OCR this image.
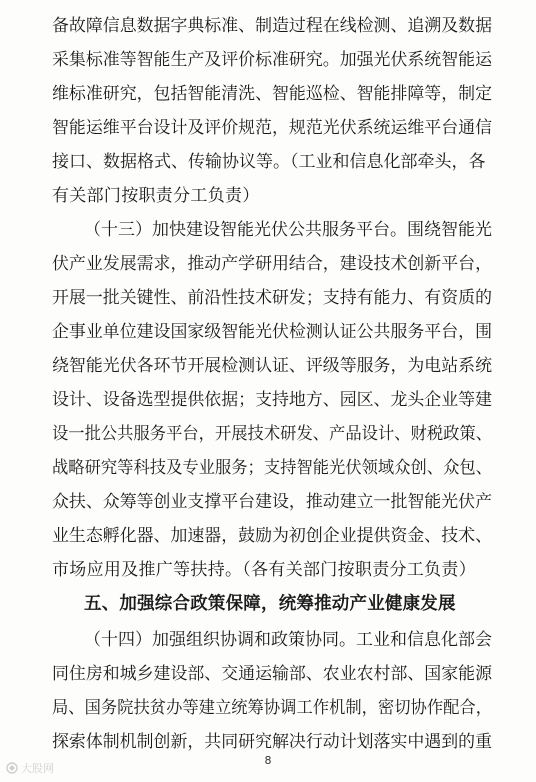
备故障信息数据字典标准、制造过程在线检测、追溯及数据
采集标准等智能生产及评价标准研究。加强光伏系统智能运
维标准研究，包括智能清洗、智能巡检、智能排障等，制定
智能运维平台设计及评价规范，规范光伏系统运维平台通信
接口、数据格式、传输协议等。（工业和信息化部牵头，各
有关部门按职责分工负责）
（十三）加快建设智能光伏公共服务平台。围绕智能光
伏产业发展需求，推动产学研用结合，建设技术创新平台，
开展一批关键性、前沿性技术研发；支持有能力、有资质的
企事业单位建设国家级智能光伏检测认证公共服务平台，围
绕智能光伏各环节开展检测认证、评级等服务，为电站系统
设计、设备选型提供依据；支持地方、园区、龙头企业等建
设一批公共服务平台，开展技术研发、产品设计、财税政策、
战略研究等科技及专业服务；支持智能光伏领域众创、众包、
众扶、众筹等创业支撑平台建设，推动建立一批智能光伏产
业生态孵化器、加速器，鼓励为初创企业提供资金、技术、
市场应用及推广等扶持。（各有关部门按职责分工负责）
五、加强综合政策保障，统筹推动产业健康发展
（十四）加强组织协调和政策协同。工业和信息化部会
同住房和城乡建设部、交通运输部、农业农村部、国家能源
局、国务院扶贫办等建立统筹协调工作机制，密切协作配合，
探索体制机制创新，共同研究解决行动计划落实中遇到的重
8
大股网
